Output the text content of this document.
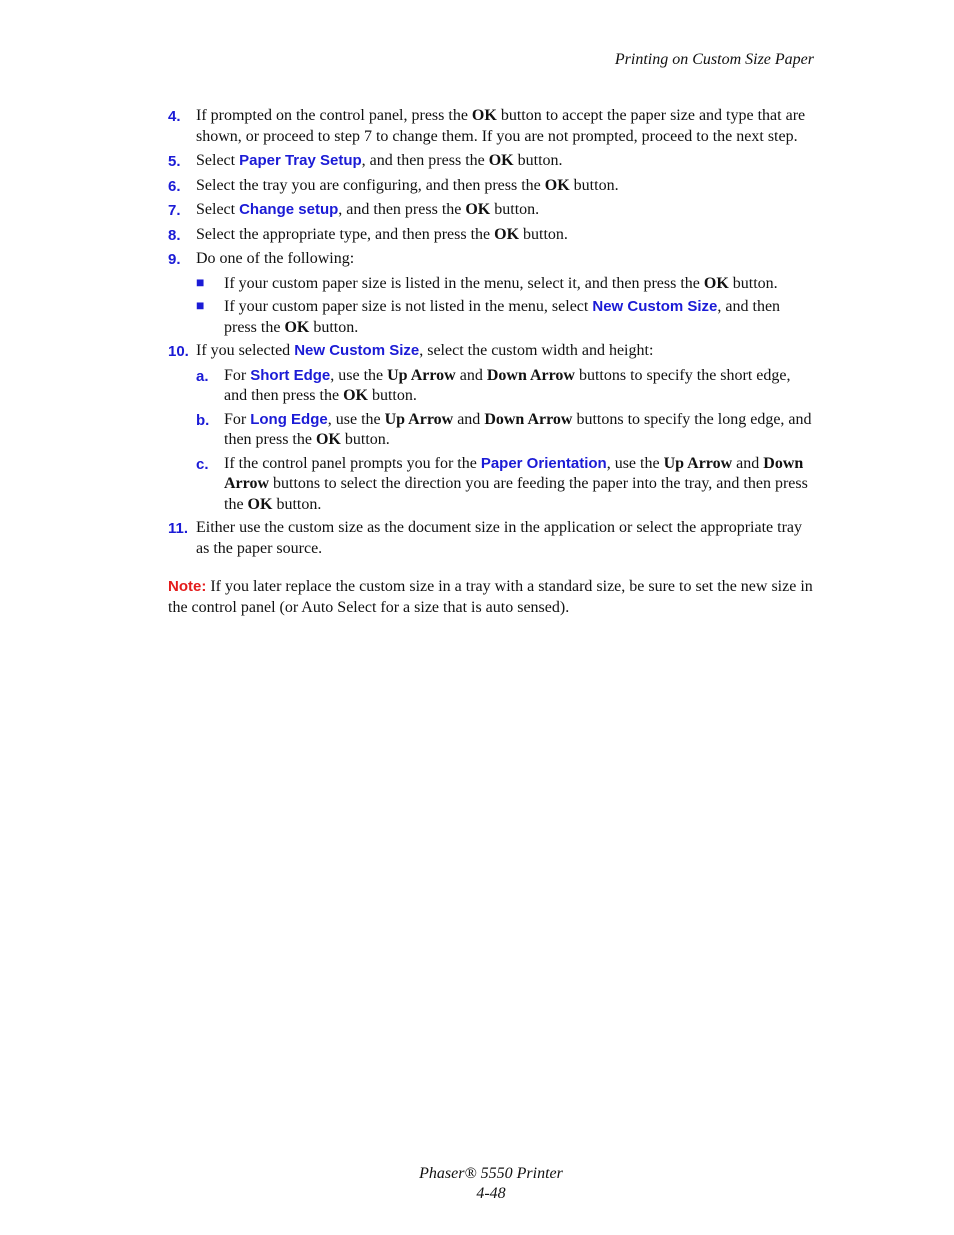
Printing on Custom Size Paper
4. If prompted on the control panel, press the OK button to accept the paper size and type that are shown, or proceed to step 7 to change them. If you are not prompted, proceed to the next step.
5. Select Paper Tray Setup, and then press the OK button.
6. Select the tray you are configuring, and then press the OK button.
7. Select Change setup, and then press the OK button.
8. Select the appropriate type, and then press the OK button.
9. Do one of the following:
■ If your custom paper size is listed in the menu, select it, and then press the OK button.
■ If your custom paper size is not listed in the menu, select New Custom Size, and then press the OK button.
10. If you selected New Custom Size, select the custom width and height:
a. For Short Edge, use the Up Arrow and Down Arrow buttons to specify the short edge, and then press the OK button.
b. For Long Edge, use the Up Arrow and Down Arrow buttons to specify the long edge, and then press the OK button.
c. If the control panel prompts you for the Paper Orientation, use the Up Arrow and Down Arrow buttons to select the direction you are feeding the paper into the tray, and then press the OK button.
11. Either use the custom size as the document size in the application or select the appropriate tray as the paper source.
Note: If you later replace the custom size in a tray with a standard size, be sure to set the new size in the control panel (or Auto Select for a size that is auto sensed).
Phaser® 5550 Printer
4-48
